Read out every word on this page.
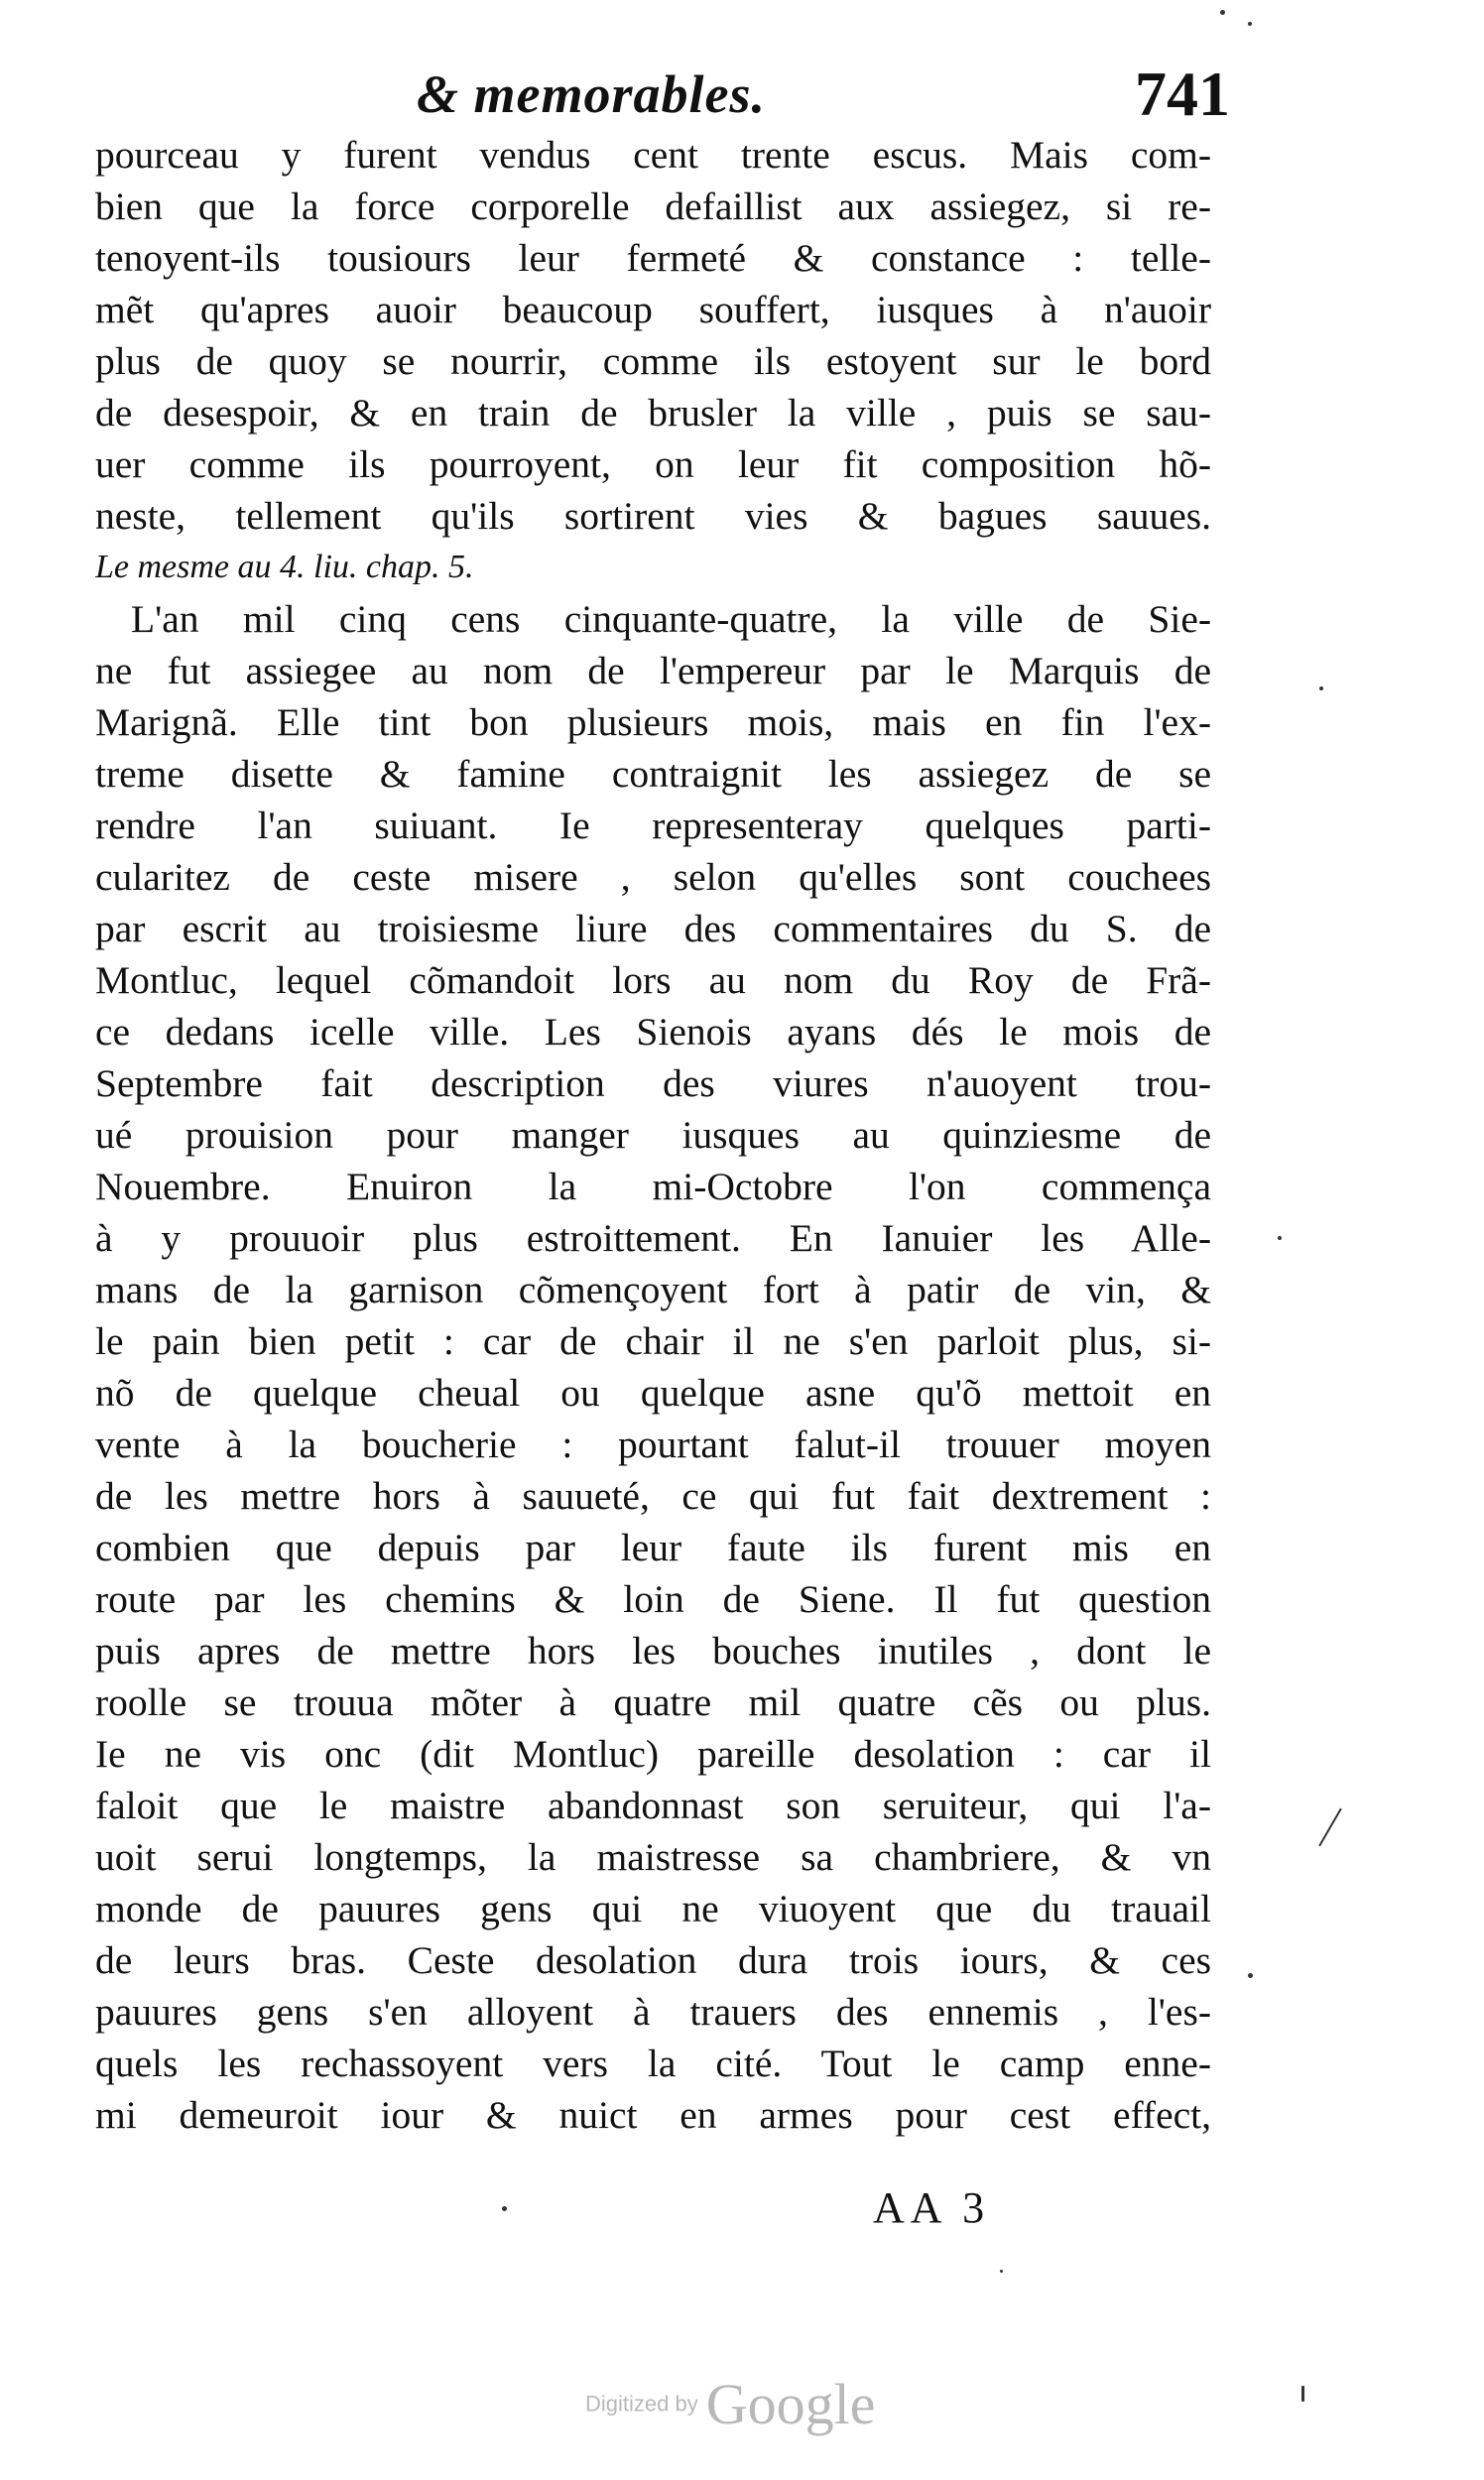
& memorables.	741
pourceau y furent vendus cent trente escus. Mais com-
bien que la force corporelle defaillist aux assiegez, si re-
tenoyent-ils tousiours leur fermeté & constance : telle-
mẽt qu'apres auoir beaucoup souffert, iusques à n'auoir
plus de quoy se nourrir, comme ils estoyent sur le bord
de desespoir, & en train de brusler la ville , puis se sau-
uer comme ils pourroyent, on leur fit composition hõ-
neste, tellement qu'ils sortirent vies & bagues sauues.
Le mesme au 4. liu. chap. 5.
L'an mil cinq cens cinquante-quatre, la ville de Sie-
ne fut assiegee au nom de l'empereur par le Marquis de
Marignã. Elle tint bon plusieurs mois, mais en fin l'ex-
treme disette & famine contraignit les assiegez de se
rendre l'an suiuant. Ie representeray quelques parti-
cularitez de ceste misere , selon qu'elles sont couchees
par escrit au troisiesme liure des commentaires du S. de
Montluc, lequel cõmandoit lors au nom du Roy de Frã-
ce dedans icelle ville. Les Sienois ayans dés le mois de
Septembre fait description des viures n'auoyent trou-
ué prouision pour manger iusques au quinziesme de
Nouembre. Enuiron la mi-Octobre l'on commença
à y prouuoir plus estroittement. En Ianuier les Alle-
mans de la garnison cõmençoyent fort à patir de vin, &
le pain bien petit : car de chair il ne s'en parloit plus, si-
nõ de quelque cheual ou quelque asne qu'õ mettoit en
vente à la boucherie : pourtant falut-il trouuer moyen
de les mettre hors à sauueté, ce qui fut fait dextrement :
combien que depuis par leur faute ils furent mis en
route par les chemins & loin de Siene. Il fut question
puis apres de mettre hors les bouches inutiles , dont le
roolle se trouua mõter à quatre mil quatre cẽs ou plus.
Ie ne vis onc (dit Montluc) pareille desolation : car il
faloit que le maistre abandonnast son seruiteur, qui l'a-
uoit serui longtemps, la maistresse sa chambriere, & vn
monde de pauures gens qui ne viuoyent que du trauail
de leurs bras. Ceste desolation dura trois iours, & ces
pauures gens s'en alloyent à trauers des ennemis , l'es-
quels les rechassoyent vers la cité. Tout le camp enne-
mi demeuroit iour & nuict en armes pour cest effect,
AA 3
Digitized by Google
